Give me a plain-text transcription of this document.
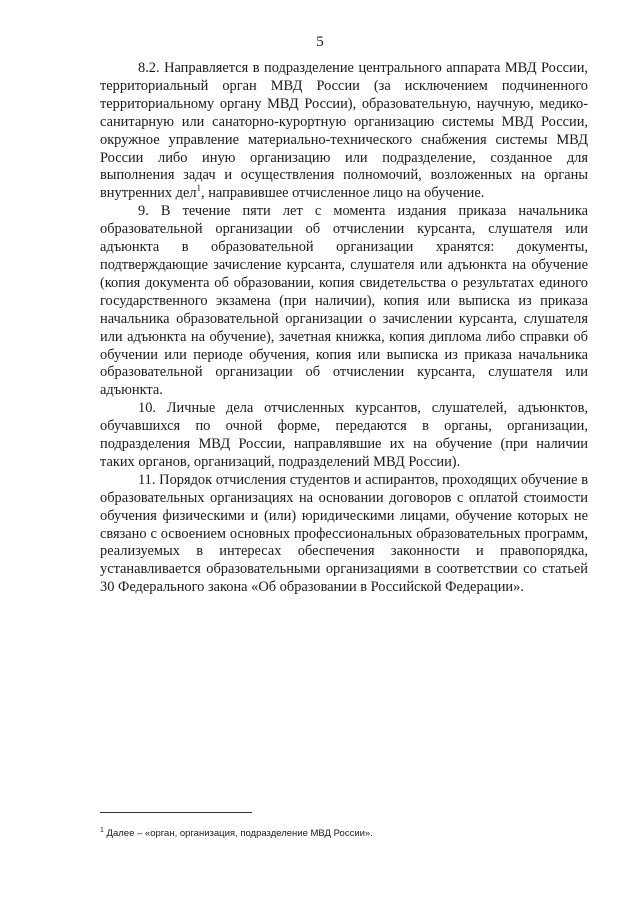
5

8.2. Направляется в подразделение центрального аппарата МВД России, территориальный орган МВД России (за исключением подчиненного территориальному органу МВД России), образовательную, научную, медико-санитарную или санаторно-курортную организацию системы МВД России, окружное управление материально-технического снабжения системы МВД России либо иную организацию или подразделение, созданное для выполнения задач и осуществления полномочий, возложенных на органы внутренних дел$^1$, направившее отчисленное лицо на обучение.

9. В течение пяти лет с момента издания приказа начальника образовательной организации об отчислении курсанта, слушателя или адъюнкта в образовательной организации хранятся: документы, подтверждающие зачисление курсанта, слушателя или адъюнкта на обучение (копия документа об образовании, копия свидетельства о результатах единого государственного экзамена (при наличии), копия или выписка из приказа начальника образовательной организации о зачислении курсанта, слушателя или адъюнкта на обучение), зачетная книжка, копия диплома либо справки об обучении или периоде обучения, копия или выписка из приказа начальника образовательной организации об отчислении курсанта, слушателя или адъюнкта.

10. Личные дела отчисленных курсантов, слушателей, адъюнктов, обучавшихся по очной форме, передаются в органы, организации, подразделения МВД России, направлявшие их на обучение (при наличии таких органов, организаций, подразделений МВД России).

11. Порядок отчисления студентов и аспирантов, проходящих обучение в образовательных организациях на основании договоров с оплатой стоимости обучения физическими и (или) юридическими лицами, обучение которых не связано с освоением основных профессиональных образовательных программ, реализуемых в интересах обеспечения законности и правопорядка, устанавливается образовательными организациями в соответствии со статьей 30 Федерального закона «Об образовании в Российской Федерации».

$^1$ Далее – «орган, организация, подразделение МВД России».
